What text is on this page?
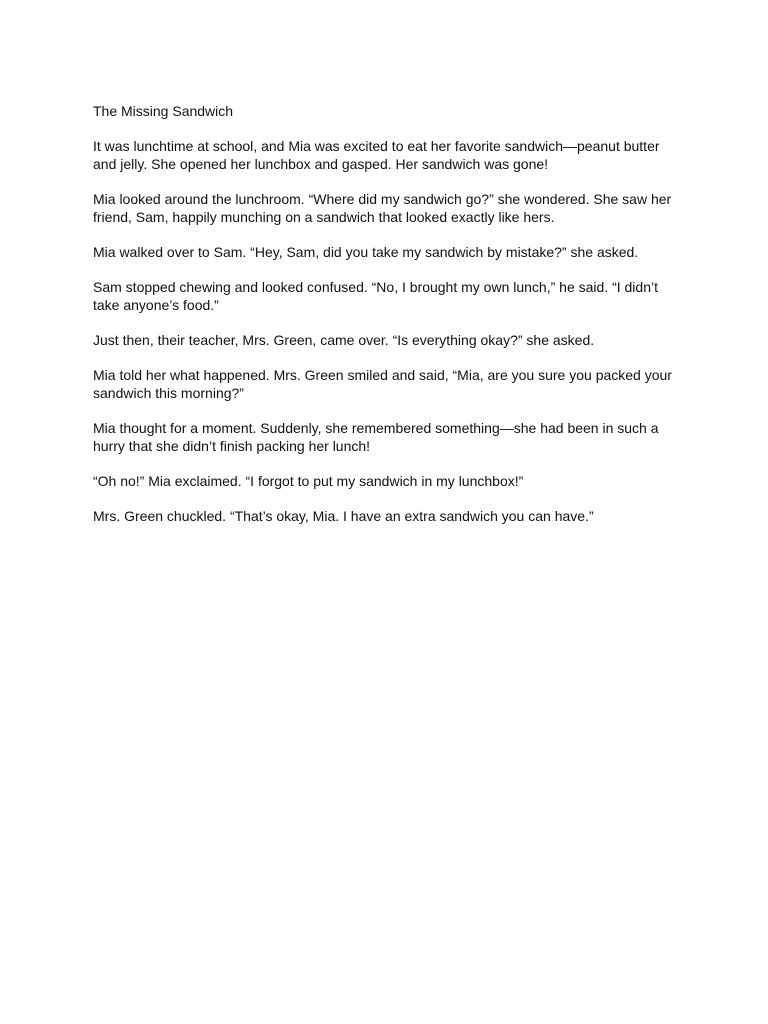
The Missing Sandwich

It was lunchtime at school, and Mia was excited to eat her favorite sandwich—peanut butter and jelly. She opened her lunchbox and gasped. Her sandwich was gone!

Mia looked around the lunchroom. “Where did my sandwich go?” she wondered. She saw her friend, Sam, happily munching on a sandwich that looked exactly like hers.

Mia walked over to Sam. “Hey, Sam, did you take my sandwich by mistake?” she asked.

Sam stopped chewing and looked confused. “No, I brought my own lunch,” he said. “I didn’t take anyone’s food.”

Just then, their teacher, Mrs. Green, came over. “Is everything okay?” she asked.

Mia told her what happened. Mrs. Green smiled and said, “Mia, are you sure you packed your sandwich this morning?”

Mia thought for a moment. Suddenly, she remembered something—she had been in such a hurry that she didn’t finish packing her lunch!

“Oh no!” Mia exclaimed. “I forgot to put my sandwich in my lunchbox!”

Mrs. Green chuckled. “That’s okay, Mia. I have an extra sandwich you can have.”
